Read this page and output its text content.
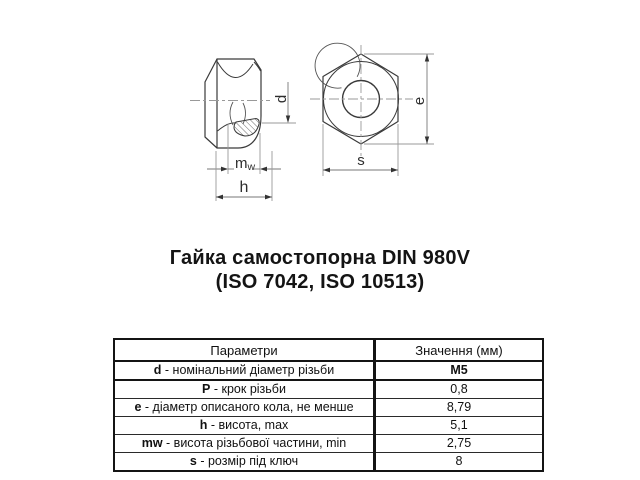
d
mw
h
e
s
Гайка самостопорна DIN 980V
(ISO 7042, ISO 10513)
Параметри	Значення (мм)
d - номінальний діаметр різьби	M5
P - крок різьби	0,8
e - діаметр описаного кола, не менше	8,79
h - висота, max	5,1
mw - висота різьбової частини, min	2,75
s - розмір під ключ	8
